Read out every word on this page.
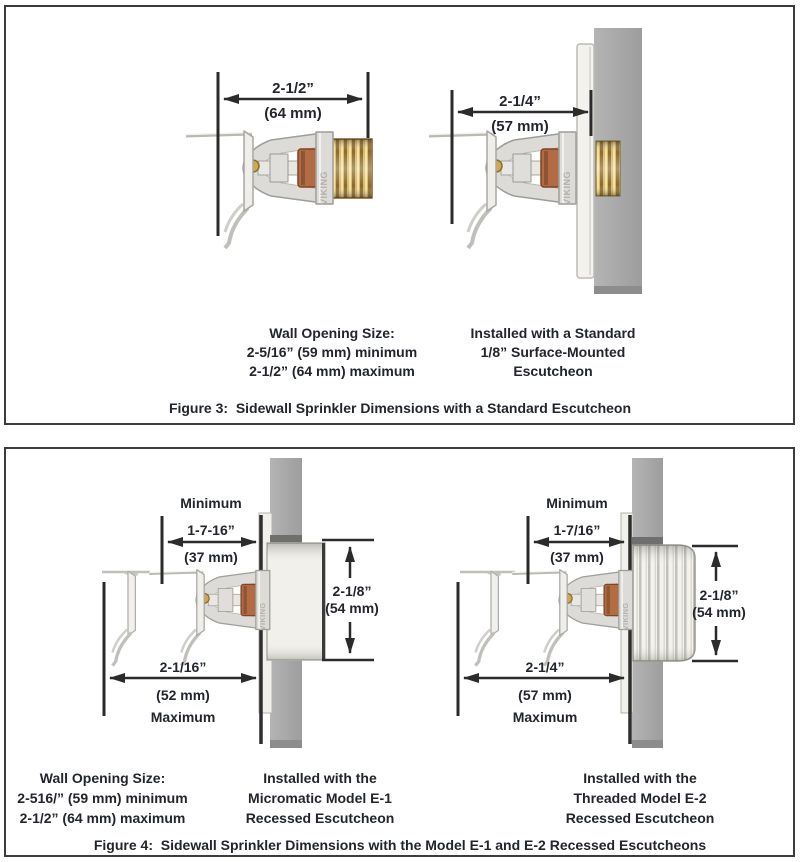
VIKING
2-1/2”
(64 mm)
2-1/4”
(57 mm)
Minimum
1-7-16”
(37 mm)
2-1/16”
(52 mm)
Maximum
2-1/8”
(54 mm)
Minimum
1-7/16”
(37 mm)
2-1/4”
(57 mm)
Maximum
2-1/8”
(54 mm)
Wall Opening Size:
2-5/16” (59 mm) minimum
2-1/2” (64 mm) maximum
Installed with a Standard
1/8” Surface-Mounted
Escutcheon
Figure 3:  Sidewall Sprinkler Dimensions with a Standard Escutcheon
Wall Opening Size:
2-516/” (59 mm) minimum
2-1/2” (64 mm) maximum
Installed with the
Micromatic Model E-1
Recessed Escutcheon
Installed with the
Threaded Model E-2
Recessed Escutcheon
Figure 4:  Sidewall Sprinkler Dimensions with the Model E-1 and E-2 Recessed Escutcheons
